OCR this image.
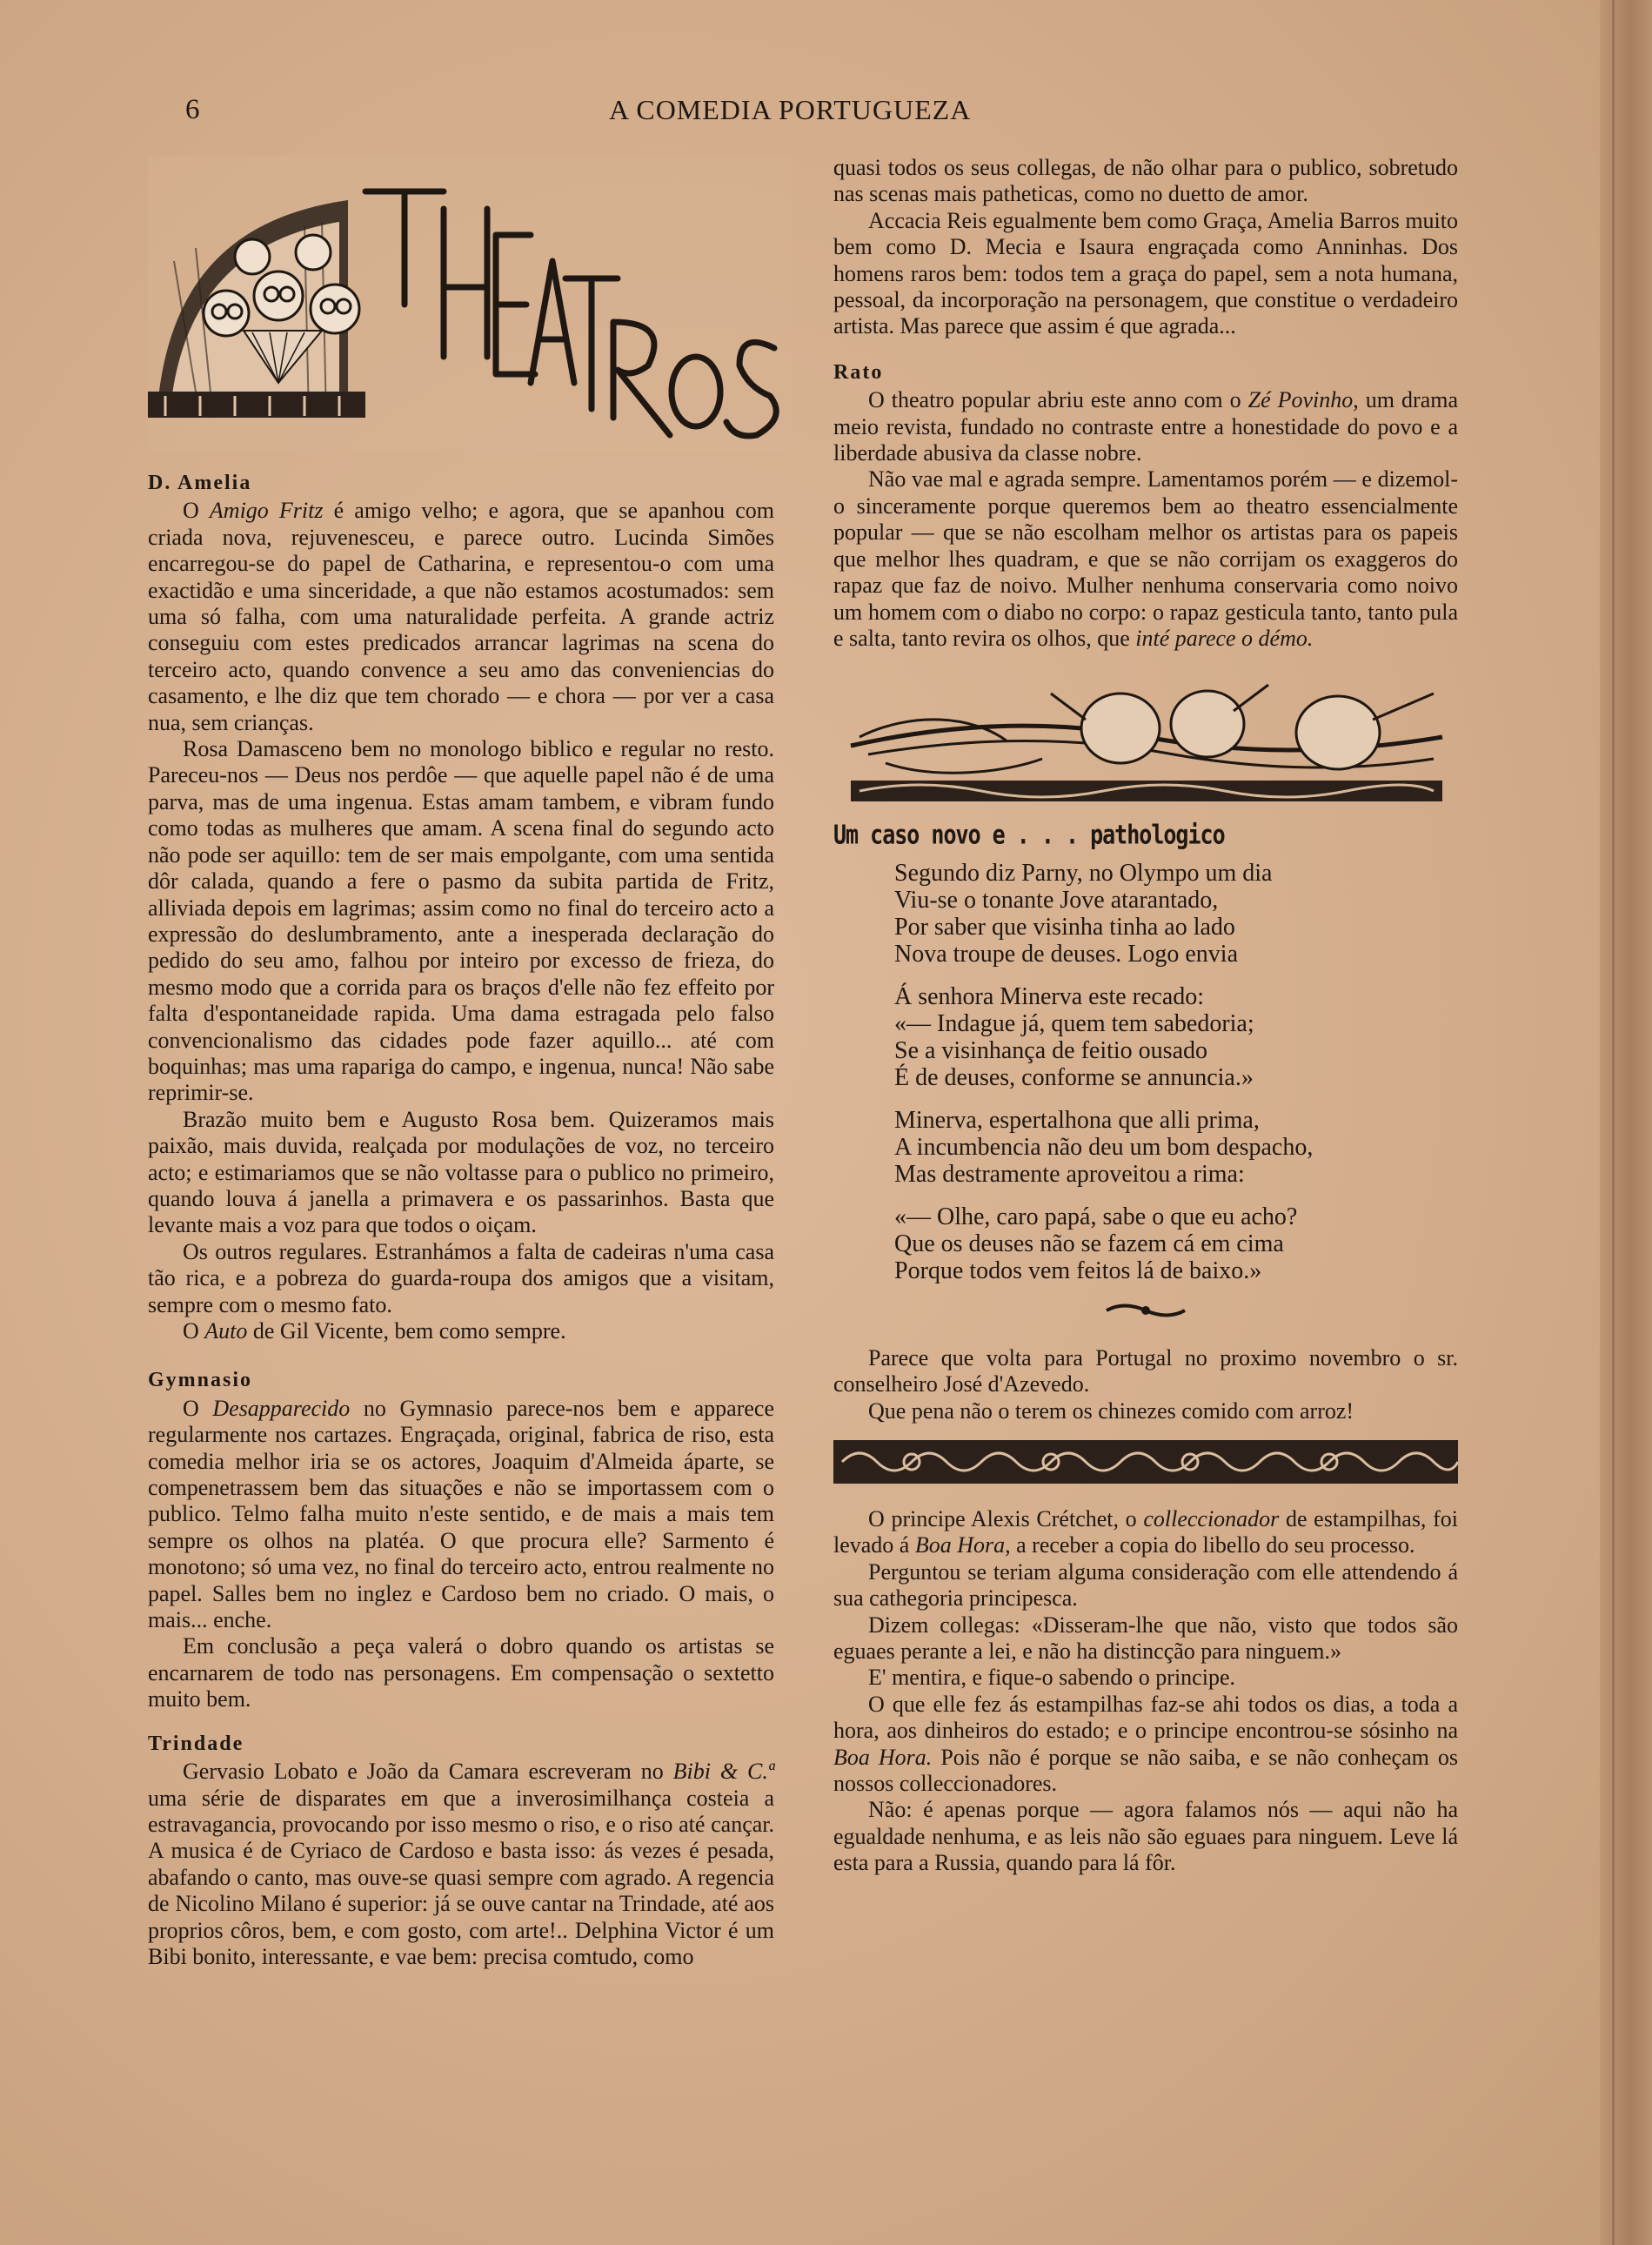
6	A COMEDIA PORTUGUEZA
D. Amelia

O Amigo Fritz é amigo velho; e agora, que se apanhou com criada nova, rejuvenesceu, e parece outro. Lucinda Simões encarregou-se do papel de Catharina, e representou-o com uma exactidão e uma sinceridade, a que não estamos acostumados: sem uma só falha, com uma naturalidade perfeita. A grande actriz conseguiu com estes predicados arrancar lagrimas na scena do terceiro acto, quando convence a seu amo das conveniencias do casamento, e lhe diz que tem chorado — e chora — por ver a casa nua, sem crianças.

Rosa Damasceno bem no monologo biblico e regular no resto. Pareceu-nos — Deus nos perdôe — que aquelle papel não é de uma parva, mas de uma ingenua. Estas amam tambem, e vibram fundo como todas as mulheres que amam. A scena final do segundo acto não pode ser aquillo: tem de ser mais empolgante, com uma sentida dôr calada, quando a fere o pasmo da subita partida de Fritz, alliviada depois em lagrimas; assim como no final do terceiro acto a expressão do deslumbramento, ante a inesperada declaração do pedido do seu amo, falhou por inteiro por excesso de frieza, do mesmo modo que a corrida para os braços d'elle não fez effeito por falta d'espontaneidade rapida. Uma dama estragada pelo falso convencionalismo das cidades pode fazer aquillo... até com boquinhas; mas uma rapariga do campo, e ingenua, nunca! Não sabe reprimir-se.

Brazão muito bem e Augusto Rosa bem. Quizeramos mais paixão, mais duvida, realçada por modulações de voz, no terceiro acto; e estimariamos que se não voltasse para o publico no primeiro, quando louva á janella a primavera e os passarinhos. Basta que levante mais a voz para que todos o oiçam.

Os outros regulares. Estranhámos a falta de cadeiras n'uma casa tão rica, e a pobreza do guarda-roupa dos amigos que a visitam, sempre com o mesmo fato.

O Auto de Gil Vicente, bem como sempre.

Gymnasio

O Desapparecido no Gymnasio parece-nos bem e apparece regularmente nos cartazes. Engraçada, original, fabrica de riso, esta comedia melhor iria se os actores, Joaquim d'Almeida áparte, se compenetrassem bem das situações e não se importassem com o publico. Telmo falha muito n'este sentido, e de mais a mais tem sempre os olhos na platéa. O que procura elle? Sarmento é monotono; só uma vez, no final do terceiro acto, entrou realmente no papel. Salles bem no inglez e Cardoso bem no criado. O mais, o mais... enche.

Em conclusão a peça valerá o dobro quando os artistas se encarnarem de todo nas personagens. Em compensação o sextetto muito bem.

Trindade

Gervasio Lobato e João da Camara escreveram no Bibi & C.ª uma série de disparates em que a inverosimilhança costeia a estravagancia, provocando por isso mesmo o riso, e o riso até cançar. A musica é de Cyriaco de Cardoso e basta isso: ás vezes é pesada, abafando o canto, mas ouve-se quasi sempre com agrado. A regencia de Nicolino Milano é superior: já se ouve cantar na Trindade, até aos proprios côros, bem, e com gosto, com arte!.. Delphina Victor é um Bibi bonito, interessante, e vae bem: precisa comtudo, como

quasi todos os seus collegas, de não olhar para o publico, sobretudo nas scenas mais patheticas, como no duetto de amor.

Accacia Reis egualmente bem como Graça, Amelia Barros muito bem como D. Mecia e Isaura engraçada como Anninhas. Dos homens raros bem: todos tem a graça do papel, sem a nota humana, pessoal, da incorporação na personagem, que constitue o verdadeiro artista. Mas parece que assim é que agrada...

Rato

O theatro popular abriu este anno com o Zé Povinho, um drama meio revista, fundado no contraste entre a honestidade do povo e a liberdade abusiva da classe nobre.

Não vae mal e agrada sempre. Lamentamos porém — e dizemol-o sinceramente porque queremos bem ao theatro essencialmente popular — que se não escolham melhor os artistas para os papeis que melhor lhes quadram, e que se não corrijam os exaggeros do rapaz que faz de noivo. Mulher nenhuma conservaria como noivo um homem com o diabo no corpo: o rapaz gesticula tanto, tanto pula e salta, tanto revira os olhos, que inté parece o démo.

Um caso novo e . . . pathologico
Segundo diz Parny, no Olympo um dia
Viu-se o tonante Jove atarantado,
Por saber que visinha tinha ao lado
Nova troupe de deuses. Logo envia
Á senhora Minerva este recado:
«— Indague já, quem tem sabedoria;
Se a visinhança de feitio ousado
É de deuses, conforme se annuncia.»
Minerva, espertalhona que alli prima,
A incumbencia não deu um bom despacho,
Mas destramente aproveitou a rima:
«— Olhe, caro papá, sabe o que eu acho?
Que os deuses não se fazem cá em cima
Porque todos vem feitos lá de baixo.»

Parece que volta para Portugal no proximo novembro o sr. conselheiro José d'Azevedo.

Que pena não o terem os chinezes comido com arroz!

O principe Alexis Crétchet, o colleccionador de estampilhas, foi levado á Boa Hora, a receber a copia do libello do seu processo.

Perguntou se teriam alguma consideração com elle attendendo á sua cathegoria principesca.

Dizem collegas: «Disseram-lhe que não, visto que todos são eguaes perante a lei, e não ha distincção para ninguem.»

E' mentira, e fique-o sabendo o principe.

O que elle fez ás estampilhas faz-se ahi todos os dias, a toda a hora, aos dinheiros do estado; e o principe encontrou-se sósinho na Boa Hora. Pois não é porque se não saiba, e se não conheçam os nossos colleccionadores.

Não: é apenas porque — agora falamos nós — aqui não ha egualdade nenhuma, e as leis não são eguaes para ninguem. Leve lá esta para a Russia, quando para lá fôr.
